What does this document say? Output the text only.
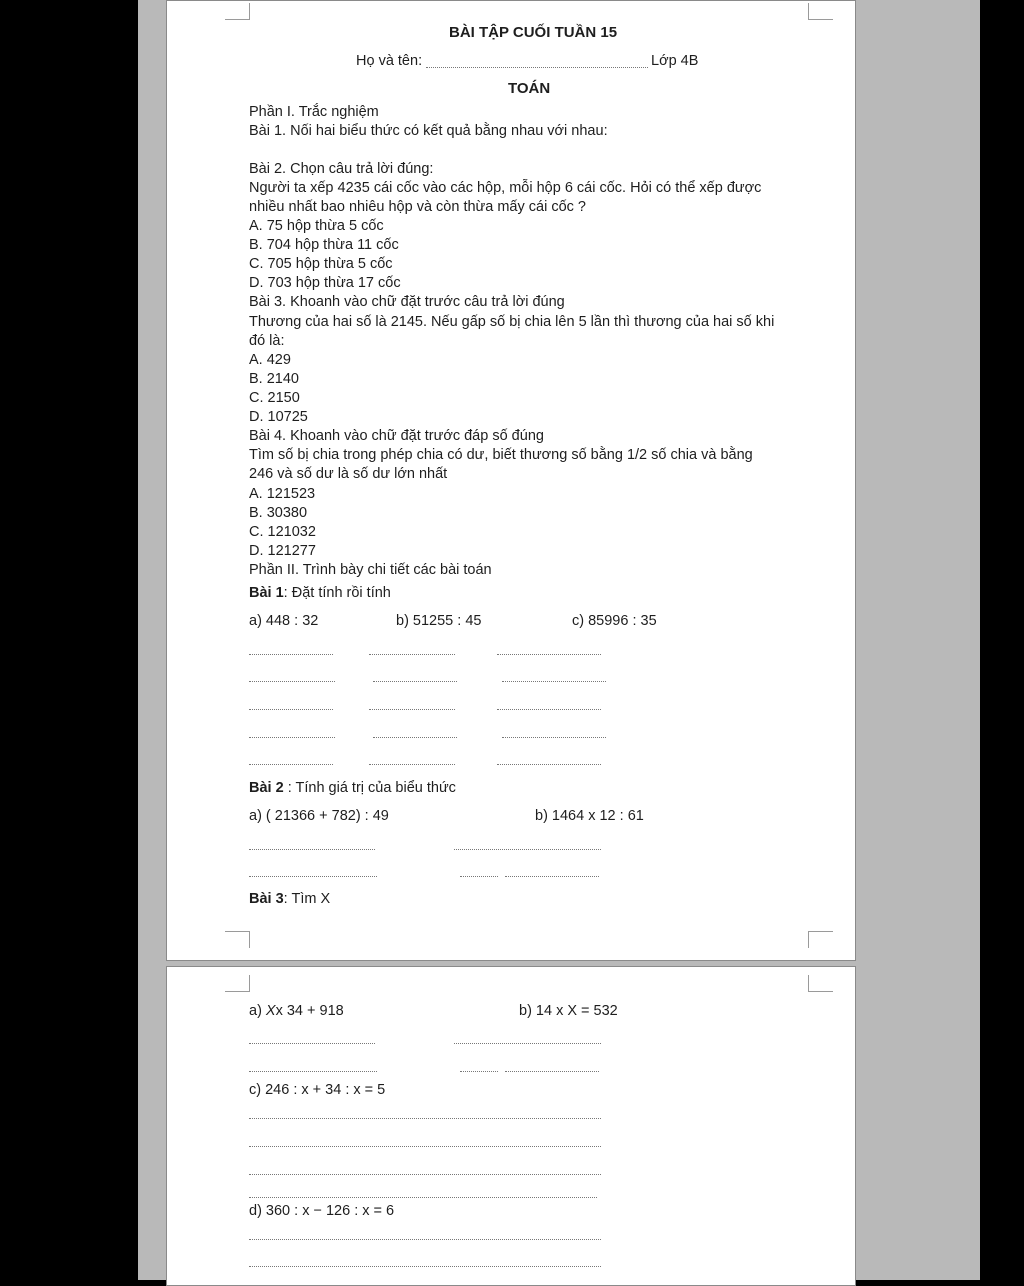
BÀI TẬP CUỐI TUẦN 15
Họ và tên:	Lớp 4B
TOÁN
Phần I. Trắc nghiệm
Bài 1. Nối hai biểu thức có kết quả bằng nhau với nhau:
Bài 2. Chọn câu trả lời đúng:
Người ta xếp 4235 cái cốc vào các hộp, mỗi hộp 6 cái cốc. Hỏi có thể xếp được
nhiều nhất bao nhiêu hộp và còn thừa mấy cái cốc ?
A. 75 hộp thừa 5 cốc
B. 704 hộp thừa 11 cốc
C. 705 hộp thừa 5 cốc
D. 703 hộp thừa 17 cốc
Bài 3. Khoanh vào chữ đặt trước câu trả lời đúng
Thương của hai số là 2145. Nếu gấp số bị chia lên 5 lần thì thương của hai số khi
đó là:
A. 429
B. 2140
C. 2150
D. 10725
Bài 4. Khoanh vào chữ đặt trước đáp số đúng
Tìm số bị chia trong phép chia có dư, biết thương số bằng 1/2 số chia và bằng
246 và số dư là số dư lớn nhất
A. 121523
B. 30380
C. 121032
D. 121277
Phần II. Trình bày chi tiết các bài toán
Bài 1: Đặt tính rồi tính
a) 448 : 32	b) 51255 : 45	c) 85996 : 35
Bài 2 : Tính giá trị của biểu thức
a) ( 21366 + 782) : 49	b) 1464 x 12 : 61
Bài 3: Tìm X
a) Xx 34 + 918	b) 14 x X = 532
c) 246 : x + 34 : x = 5
d) 360 : x − 126 : x = 6
